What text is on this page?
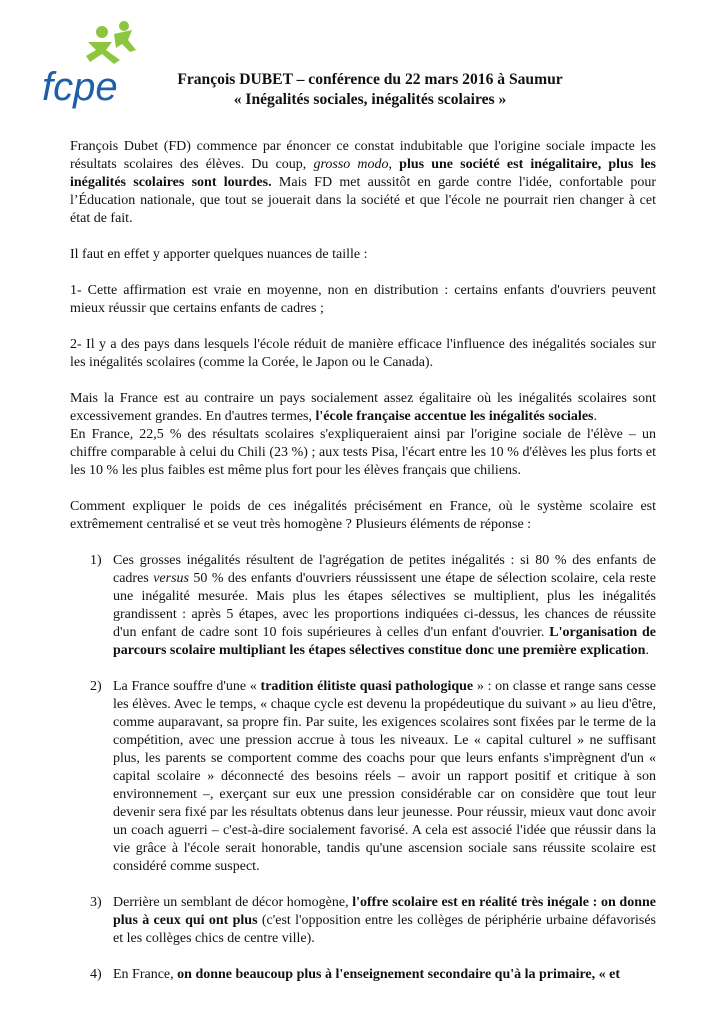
fcpe	François DUBET – conférence du 22 mars 2016 à Saumur
« Inégalités sociales, inégalités scolaires »

François Dubet (FD) commence par énoncer ce constat indubitable que l'origine sociale impacte les résultats scolaires des élèves. Du coup, grosso modo, plus une société est inégalitaire, plus les inégalités scolaires sont lourdes. Mais FD met aussitôt en garde contre l'idée, confortable pour l’Éducation nationale, que tout se jouerait dans la société et que l'école ne pourrait rien changer à cet état de fait.

Il faut en effet y apporter quelques nuances de taille :

1- Cette affirmation est vraie en moyenne, non en distribution : certains enfants d'ouvriers peuvent mieux réussir que certains enfants de cadres ;

2- Il y a des pays dans lesquels l'école réduit de manière efficace l'influence des inégalités sociales sur les inégalités scolaires (comme la Corée, le Japon ou le Canada).

Mais la France est au contraire un pays socialement assez égalitaire où les inégalités scolaires sont excessivement grandes. En d'autres termes, l'école française accentue les inégalités sociales.

En France, 22,5 % des résultats scolaires s'expliqueraient ainsi par l'origine sociale de l'élève – un chiffre comparable à celui du Chili (23 %) ; aux tests Pisa, l'écart entre les 10 % d'élèves les plus forts et les 10 % les plus faibles est même plus fort pour les élèves français que chiliens.

Comment expliquer le poids de ces inégalités précisément en France, où le système scolaire est extrêmement centralisé et se veut très homogène ? Plusieurs éléments de réponse :

1) Ces grosses inégalités résultent de l'agrégation de petites inégalités : si 80 % des enfants de cadres versus 50 % des enfants d'ouvriers réussissent une étape de sélection scolaire, cela reste une inégalité mesurée. Mais plus les étapes sélectives se multiplient, plus les inégalités grandissent : après 5 étapes, avec les proportions indiquées ci-dessus, les chances de réussite d'un enfant de cadre sont 10 fois supérieures à celles d'un enfant d'ouvrier. L'organisation de parcours scolaire multipliant les étapes sélectives constitue donc une première explication.
2) La France souffre d'une « tradition élitiste quasi pathologique » : on classe et range sans cesse les élèves. Avec le temps, « chaque cycle est devenu la propédeutique du suivant » au lieu d'être, comme auparavant, sa propre fin. Par suite, les exigences scolaires sont fixées par le terme de la compétition, avec une pression accrue à tous les niveaux. Le « capital culturel » ne suffisant plus, les parents se comportent comme des coachs pour que leurs enfants s'imprègnent d'un « capital scolaire » déconnecté des besoins réels – avoir un rapport positif et critique à son environnement –, exerçant sur eux une pression considérable car on considère que tout leur devenir sera fixé par les résultats obtenus dans leur jeunesse. Pour réussir, mieux vaut donc avoir un coach aguerri – c'est-à-dire socialement favorisé. A cela est associé l'idée que réussir dans la vie grâce à l'école serait honorable, tandis qu'une ascension sociale sans réussite scolaire est considéré comme suspect.
3) Derrière un semblant de décor homogène, l'offre scolaire est en réalité très inégale : on donne plus à ceux qui ont plus (c'est l'opposition entre les collèges de périphérie urbaine défavorisés et les collèges chics de centre ville).
4) En France, on donne beaucoup plus à l'enseignement secondaire qu'à la primaire, « et
